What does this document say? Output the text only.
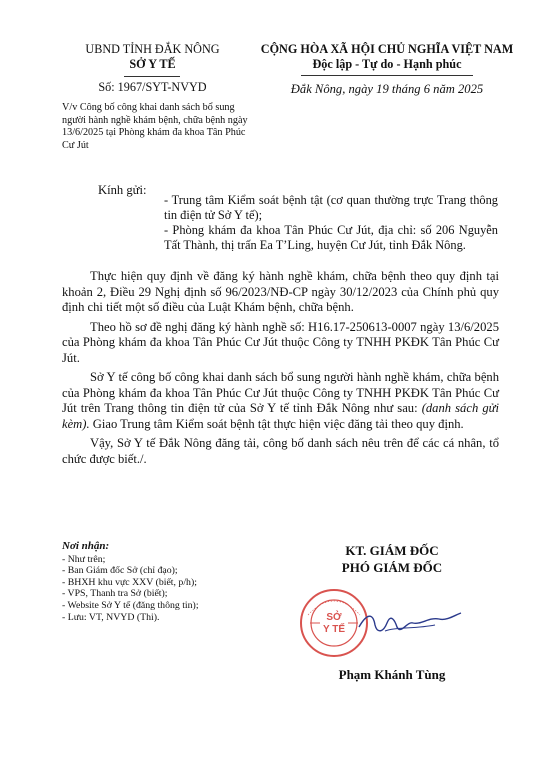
UBND TỈNH ĐẮK NÔNG
SỞ Y TẾ
Số: 1967/SYT-NVYD
CỘNG HÒA XÃ HỘI CHỦ NGHĨA VIỆT NAM
Độc lập - Tự do - Hạnh phúc
Đắk Nông, ngày 19 tháng 6 năm 2025
V/v Công bố công khai danh sách bổ sung người hành nghề khám bệnh, chữa bệnh ngày 13/6/2025 tại Phòng khám đa khoa Tân Phúc Cư Jút
Kính gửi:

- Trung tâm Kiểm soát bệnh tật (cơ quan thường trực Trang thông tin điện tử Sở Y tế);

- Phòng khám đa khoa Tân Phúc Cư Jút, địa chỉ: số 206 Nguyễn Tất Thành, thị trấn Ea T’Ling, huyện Cư Jút, tỉnh Đắk Nông.

Thực hiện quy định về đăng ký hành nghề khám, chữa bệnh theo quy định tại khoản 2, Điều 29 Nghị định số 96/2023/NĐ-CP ngày 30/12/2023 của Chính phủ quy định chi tiết một số điều của Luật Khám bệnh, chữa bệnh.

Theo hồ sơ đề nghị đăng ký hành nghề số: H16.17-250613-0007 ngày 13/6/2025 của Phòng khám đa khoa Tân Phúc Cư Jút thuộc Công ty TNHH PKĐK Tân Phúc Cư Jút.

Sở Y tế công bố công khai danh sách bổ sung người hành nghề khám, chữa bệnh của Phòng khám đa khoa Tân Phúc Cư Jút thuộc Công ty TNHH PKĐK Tân Phúc Cư Jút trên Trang thông tin điện tử của Sở Y tế tỉnh Đắk Nông như sau: (danh sách gửi kèm). Giao Trung tâm Kiểm soát bệnh tật thực hiện việc đăng tải theo quy định.

Vậy, Sở Y tế Đắk Nông đăng tải, công bố danh sách nêu trên để các cá nhân, tổ chức được biết./.

Nơi nhận:
- Như trên;
- Ban Giám đốc Sở (chỉ đạo);
- BHXH khu vực XXV (biết, p/h);
- VPS, Thanh tra Sở (biết);
- Website Sở Y tế (đăng thông tin);
- Lưu: VT, NVYD (Thi).
KT. GIÁM ĐỐC
PHÓ GIÁM ĐỐC
SỞ
Y TẾ
Phạm Khánh Tùng
